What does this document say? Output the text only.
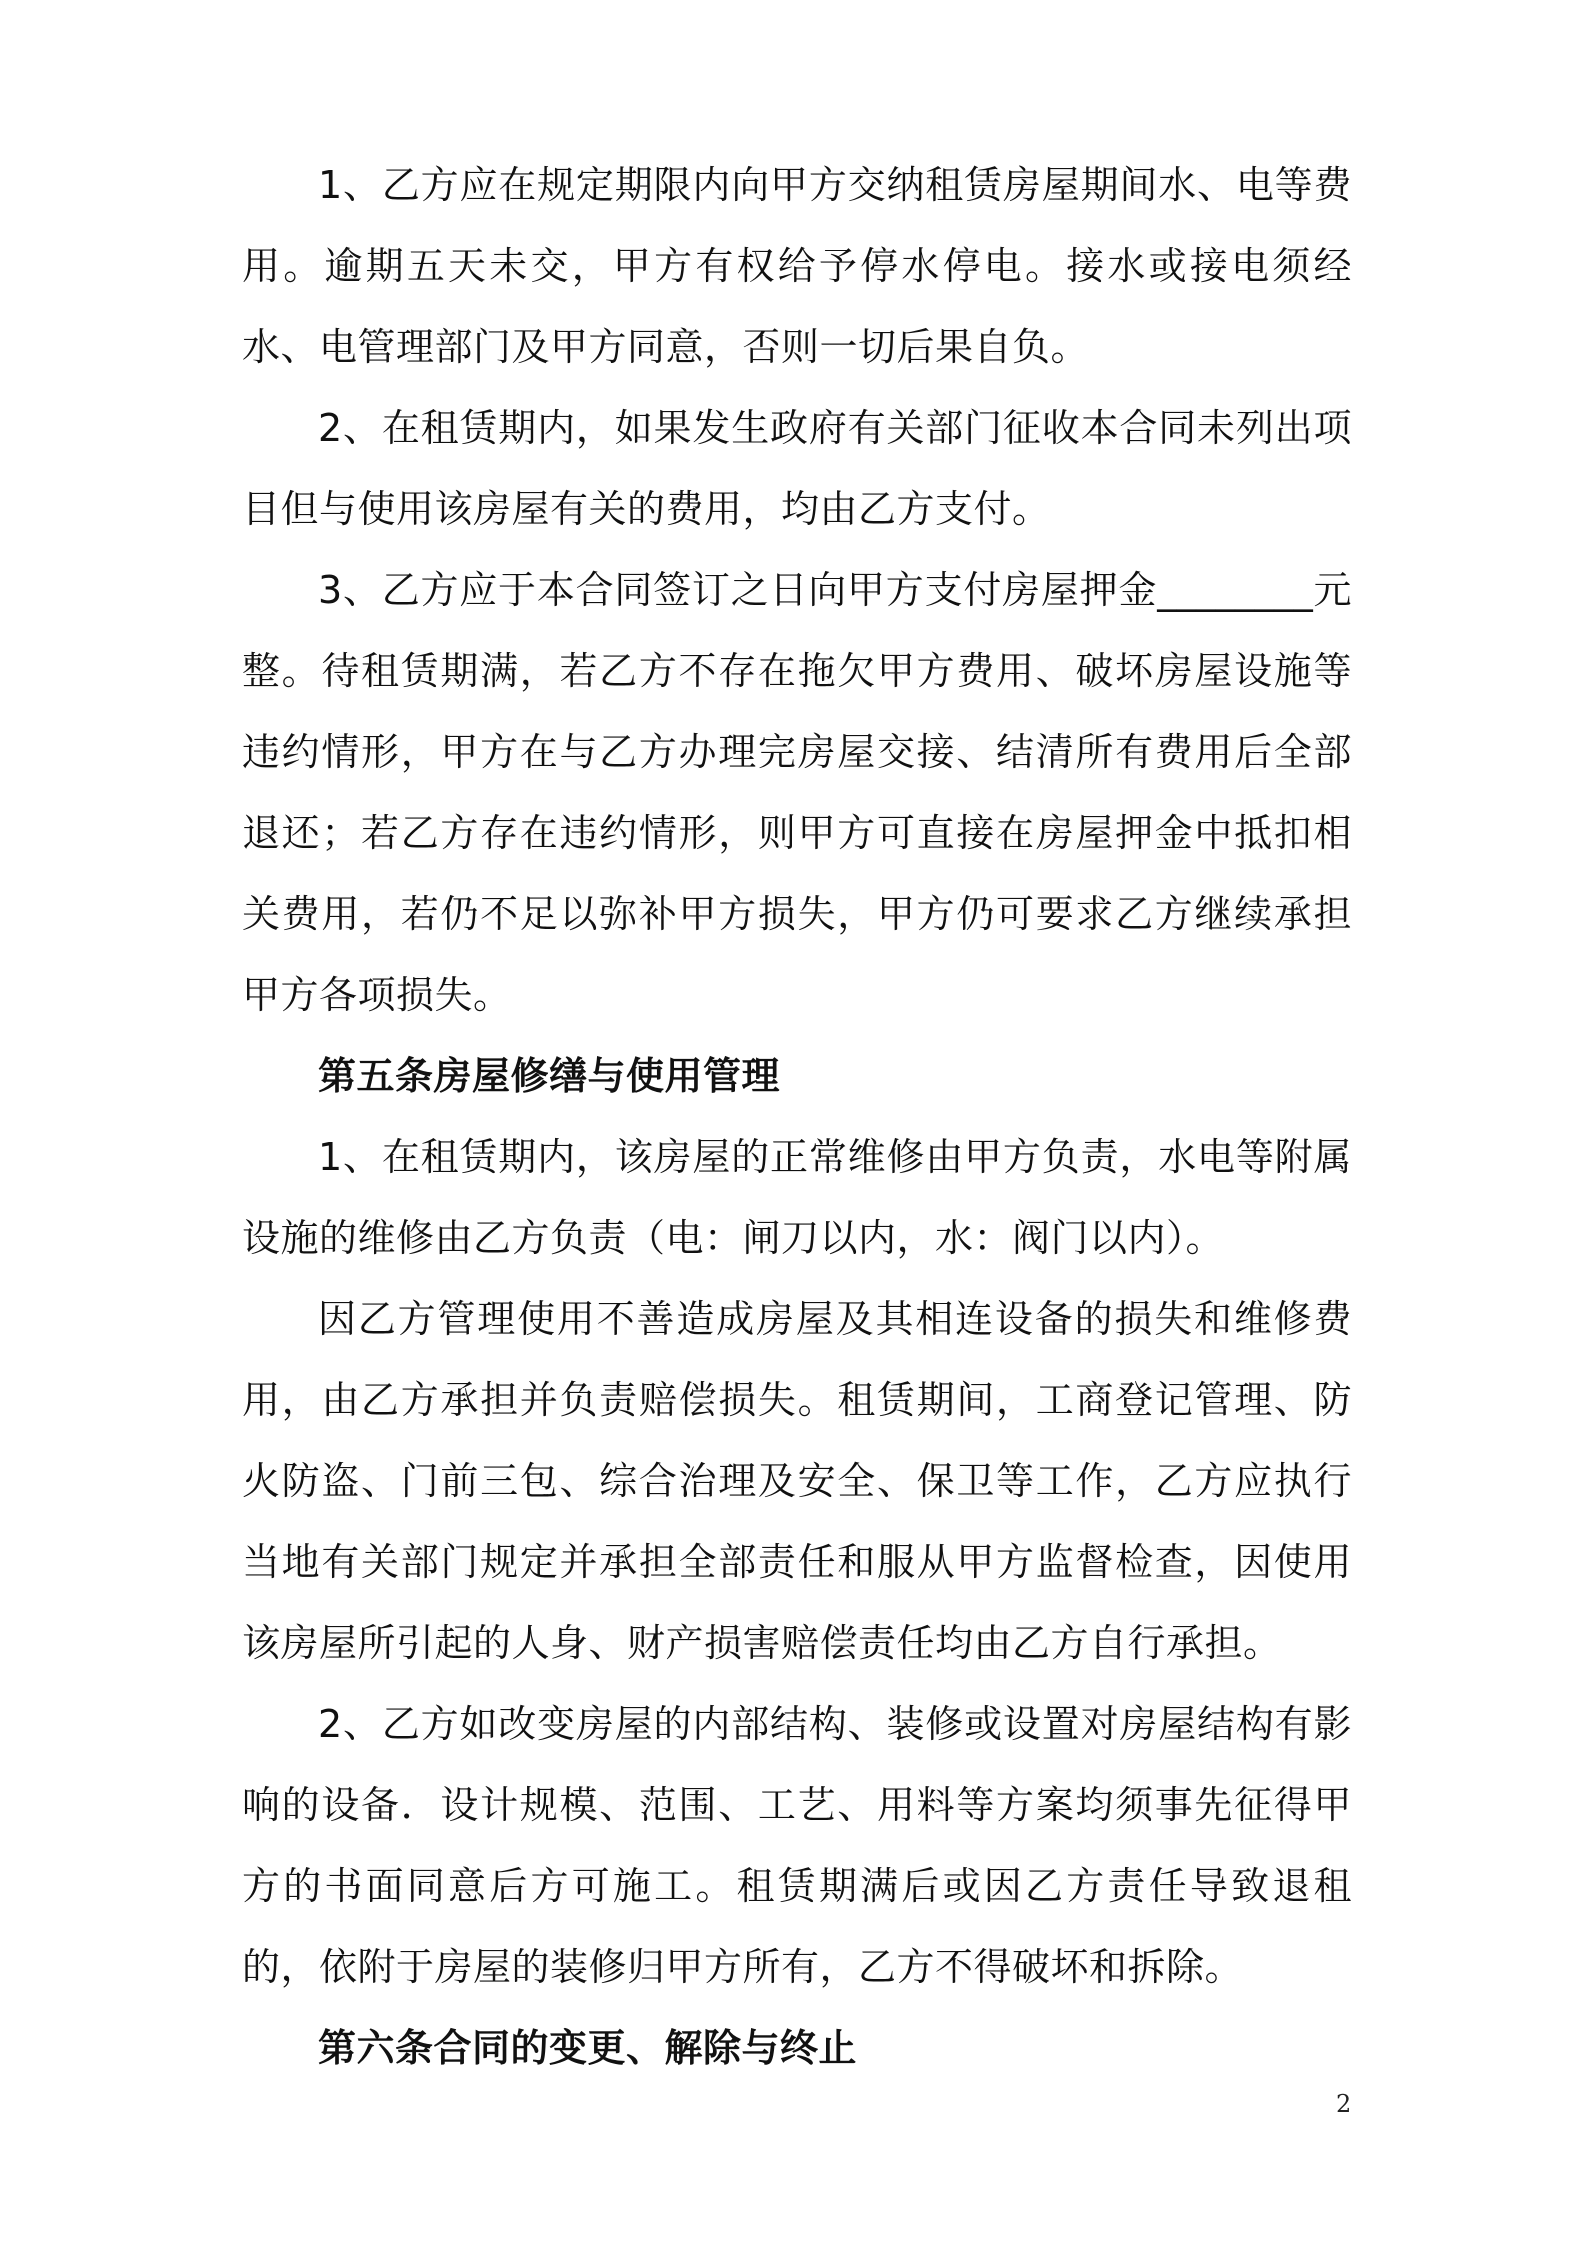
1、乙方应在规定期限内向甲方交纳租赁房屋期间水、电等费用。逾期五天未交，甲方有权给予停水停电。接水或接电须经水、电管理部门及甲方同意，否则一切后果自负。

2、在租赁期内，如果发生政府有关部门征收本合同未列出项目但与使用该房屋有关的费用，均由乙方支付。

3、乙方应于本合同签订之日向甲方支付房屋押金________元整。待租赁期满，若乙方不存在拖欠甲方费用、破坏房屋设施等违约情形，甲方在与乙方办理完房屋交接、结清所有费用后全部退还；若乙方存在违约情形，则甲方可直接在房屋押金中抵扣相关费用，若仍不足以弥补甲方损失，甲方仍可要求乙方继续承担甲方各项损失。

第五条房屋修缮与使用管理

1、在租赁期内，该房屋的正常维修由甲方负责，水电等附属设施的维修由乙方负责（电：闸刀以内，水：阀门以内）。

因乙方管理使用不善造成房屋及其相连设备的损失和维修费用，由乙方承担并负责赔偿损失。租赁期间，工商登记管理、防火防盗、门前三包、综合治理及安全、保卫等工作，乙方应执行当地有关部门规定并承担全部责任和服从甲方监督检查，因使用该房屋所引起的人身、财产损害赔偿责任均由乙方自行承担。

2、乙方如改变房屋的内部结构、装修或设置对房屋结构有影响的设备．设计规模、范围、工艺、用料等方案均须事先征得甲方的书面同意后方可施工。租赁期满后或因乙方责任导致退租的，依附于房屋的装修归甲方所有，乙方不得破坏和拆除。

第六条合同的变更、解除与终止

2
